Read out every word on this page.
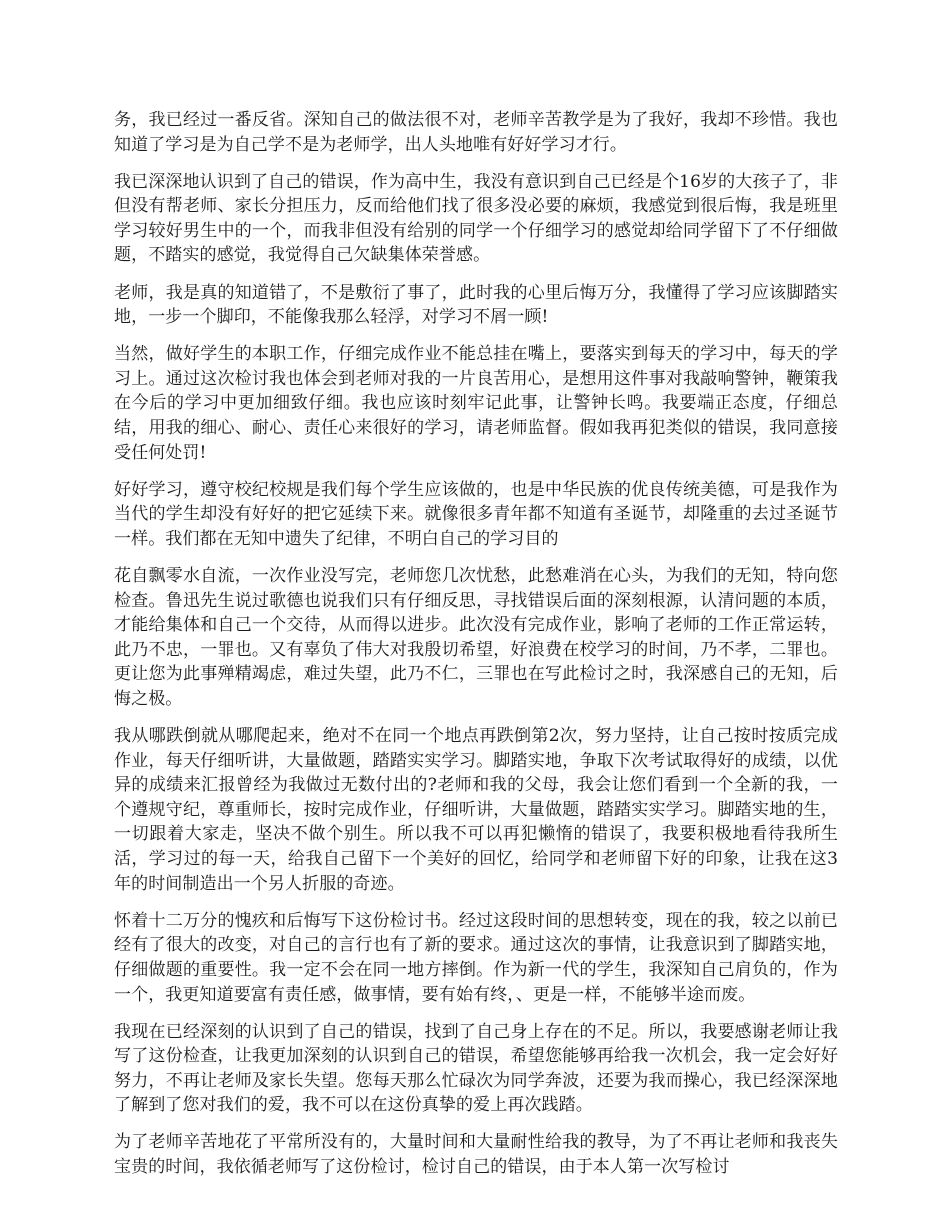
务，我已经过一番反省。深知自己的做法很不对，老师辛苦教学是为了我好，我却不珍惜。我也知道了学习是为自己学不是为老师学，出人头地唯有好好学习才行。

我已深深地认识到了自己的错误，作为高中生，我没有意识到自己已经是个16岁的大孩子了，非但没有帮老师、家长分担压力，反而给他们找了很多没必要的麻烦，我感觉到很后悔，我是班里学习较好男生中的一个，而我非但没有给别的同学一个仔细学习的感觉却给同学留下了不仔细做题，不踏实的感觉，我觉得自己欠缺集体荣誉感。

老师，我是真的知道错了，不是敷衍了事了，此时我的心里后悔万分，我懂得了学习应该脚踏实地，一步一个脚印，不能像我那么轻浮，对学习不屑一顾!

当然，做好学生的本职工作，仔细完成作业不能总挂在嘴上，要落实到每天的学习中，每天的学习上。通过这次检讨我也体会到老师对我的一片良苦用心，是想用这件事对我敲响警钟，鞭策我在今后的学习中更加细致仔细。我也应该时刻牢记此事，让警钟长鸣。我要端正态度，仔细总结，用我的细心、耐心、责任心来很好的学习，请老师监督。假如我再犯类似的错误，我同意接受任何处罚!

好好学习，遵守校纪校规是我们每个学生应该做的，也是中华民族的优良传统美德，可是我作为当代的学生却没有好好的把它延续下来。就像很多青年都不知道有圣诞节，却隆重的去过圣诞节一样。我们都在无知中遗失了纪律，不明白自己的学习目的

花自飘零水自流，一次作业没写完，老师您几次忧愁，此愁难消在心头，为我们的无知，特向您检查。鲁迅先生说过歌德也说我们只有仔细反思，寻找错误后面的深刻根源，认清问题的本质，才能给集体和自己一个交待，从而得以进步。此次没有完成作业，影响了老师的工作正常运转，此乃不忠，一罪也。又有辜负了伟大对我殷切希望，好浪费在校学习的时间，乃不孝，二罪也。更让您为此事殚精竭虑，难过失望，此乃不仁，三罪也在写此检讨之时，我深感自己的无知，后悔之极。

我从哪跌倒就从哪爬起来，绝对不在同一个地点再跌倒第2次，努力坚持，让自己按时按质完成作业，每天仔细听讲，大量做题，踏踏实实学习。脚踏实地，争取下次考试取得好的成绩，以优异的成绩来汇报曾经为我做过无数付出的?老师和我的父母，我会让您们看到一个全新的我，一个遵规守纪，尊重师长，按时完成作业，仔细听讲，大量做题，踏踏实实学习。脚踏实地的生，一切跟着大家走，坚决不做个别生。所以我不可以再犯懒惰的错误了，我要积极地看待我所生活，学习过的每一天，给我自己留下一个美好的回忆，给同学和老师留下好的印象，让我在这3年的时间制造出一个另人折服的奇迹。

怀着十二万分的愧疚和后悔写下这份检讨书。经过这段时间的思想转变，现在的我，较之以前已经有了很大的改变，对自己的言行也有了新的要求。通过这次的事情，让我意识到了脚踏实地，仔细做题的重要性。我一定不会在同一地方摔倒。作为新一代的学生，我深知自己肩负的，作为一个，我更知道要富有责任感，做事情，要有始有终，、更是一样，不能够半途而废。

我现在已经深刻的认识到了自己的错误，找到了自己身上存在的不足。所以，我要感谢老师让我写了这份检查，让我更加深刻的认识到自己的错误，希望您能够再给我一次机会，我一定会好好努力，不再让老师及家长失望。您每天那么忙碌次为同学奔波，还要为我而操心，我已经深深地了解到了您对我们的爱，我不可以在这份真挚的爱上再次践踏。

为了老师辛苦地花了平常所没有的，大量时间和大量耐性给我的教导，为了不再让老师和我丧失宝贵的时间，我依循老师写了这份检讨，检讨自己的错误，由于本人第一次写检讨
